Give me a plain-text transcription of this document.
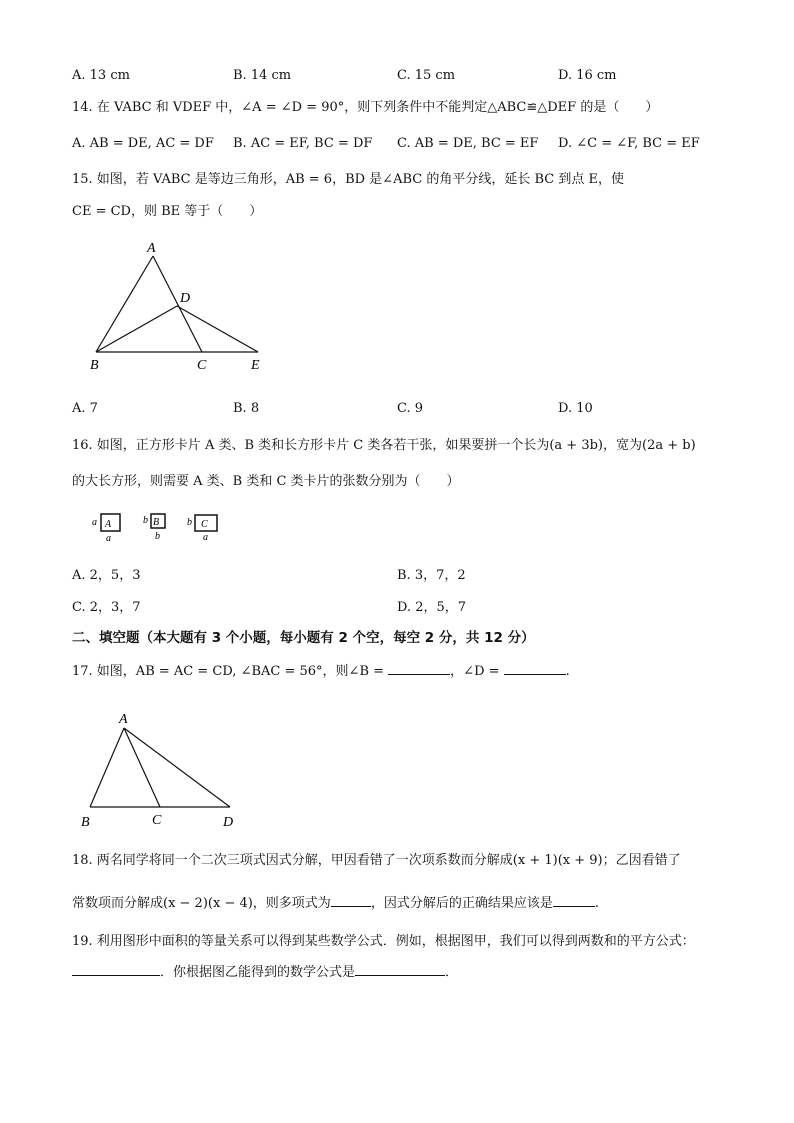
A. 13 cm	B. 14 cm	C. 15 cm	D. 16 cm
14. 在 VABC 和 VDEF 中，∠A = ∠D = 90°，则下列条件中不能判定△ABC≌△DEF 的是（　　）
A. AB = DE, AC = DF B. AC = EF, BC = DF C. AB = DE, BC = EF D. ∠C = ∠F, BC = EF
15. 如图，若 VABC 是等边三角形，AB = 6，BD 是∠ABC 的角平分线，延长 BC 到点 E，使
CE = CD，则 BE 等于（　　）
A
D
B	C	E
A. 7	B. 8	C. 9	D. 10
16. 如图，正方形卡片 A 类、B 类和长方形卡片 C 类各若干张，如果要拼一个长为(a + 3b)，宽为(2a + b)
的大长方形，则需要 A 类、B 类和 C 类卡片的张数分别为（　　）
a A
a
b B
b
b C
a
A. 2，5，3	B. 3，7，2
C. 2，3，7	D. 2，5，7
二、填空题（本大题有 3 个小题，每小题有 2 个空，每空 2 分，共 12 分）
17. 如图，AB = AC = CD, ∠BAC = 56°，则∠B =	，∠D =	.
A
B	C	D
18. 两名同学将同一个二次三项式因式分解，甲因看错了一次项系数而分解成(x + 1)(x + 9)；乙因看错了
常数项而分解成(x − 2)(x − 4)，则多项式为	，因式分解后的正确结果应该是	.
19. 利用图形中面积的等量关系可以得到某些数学公式．例如，根据图甲，我们可以得到两数和的平方公式：
．你根据图乙能得到的数学公式是	．
